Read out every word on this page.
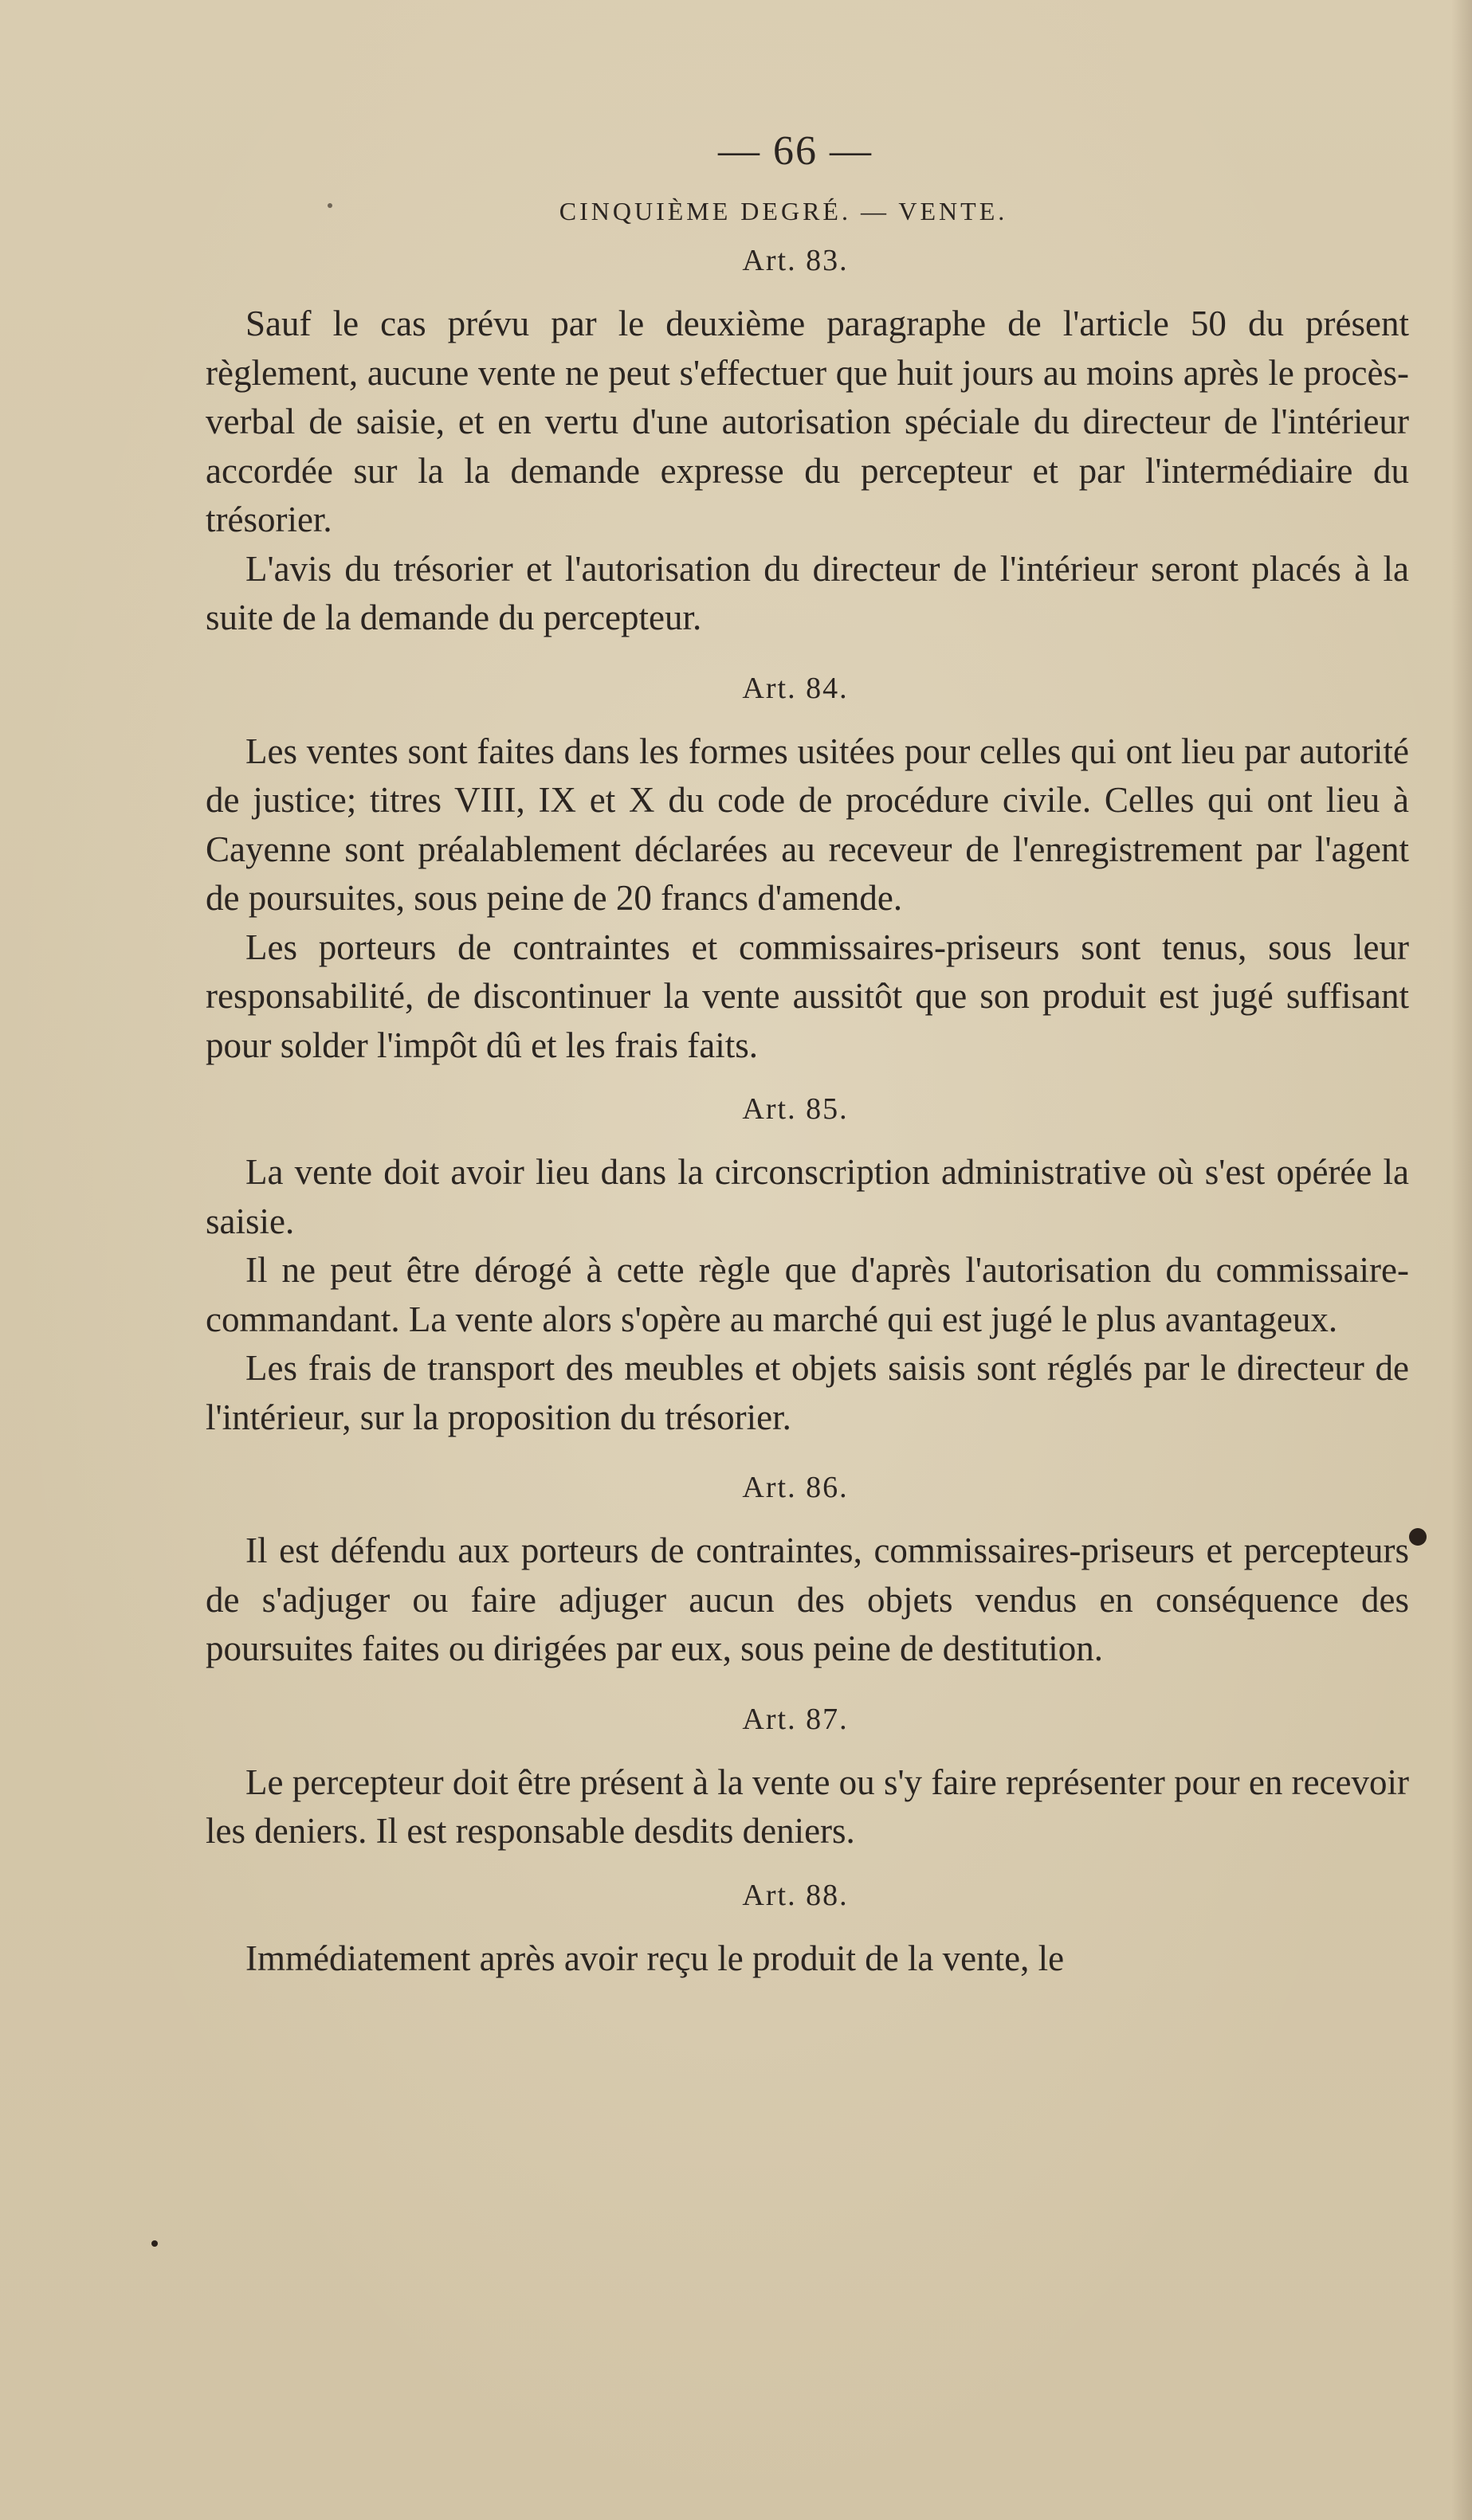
— 66 —
CINQUIÈME DEGRÉ. — VENTE.
Art. 83.

Sauf le cas prévu par le deuxième paragraphe de l'article 50 du présent règlement, aucune vente ne peut s'effectuer que huit jours au moins après le procès-verbal de saisie, et en vertu d'une autorisation spéciale du directeur de l'intérieur accordée sur la la demande expresse du percepteur et par l'intermédiaire du trésorier.

L'avis du trésorier et l'autorisation du directeur de l'intérieur seront placés à la suite de la demande du percepteur.

Art. 84.

Les ventes sont faites dans les formes usitées pour celles qui ont lieu par autorité de justice; titres VIII, IX et X du code de procédure civile. Celles qui ont lieu à Cayenne sont préalablement déclarées au receveur de l'enregistrement par l'agent de poursuites, sous peine de 20 francs d'amende.

Les porteurs de contraintes et commissaires-priseurs sont tenus, sous leur responsabilité, de discontinuer la vente aussitôt que son produit est jugé suffisant pour solder l'impôt dû et les frais faits.

Art. 85.

La vente doit avoir lieu dans la circonscription administrative où s'est opérée la saisie.

Il ne peut être dérogé à cette règle que d'après l'autorisation du commissaire-commandant. La vente alors s'opère au marché qui est jugé le plus avantageux.

Les frais de transport des meubles et objets saisis sont réglés par le directeur de l'intérieur, sur la proposition du trésorier.

Art. 86.

Il est défendu aux porteurs de contraintes, commissaires-priseurs et percepteurs de s'adjuger ou faire adjuger aucun des objets vendus en conséquence des poursuites faites ou dirigées par eux, sous peine de destitution.

Art. 87.

Le percepteur doit être présent à la vente ou s'y faire représenter pour en recevoir les deniers. Il est responsable desdits deniers.

Art. 88.

Immédiatement après avoir reçu le produit de la vente, le
